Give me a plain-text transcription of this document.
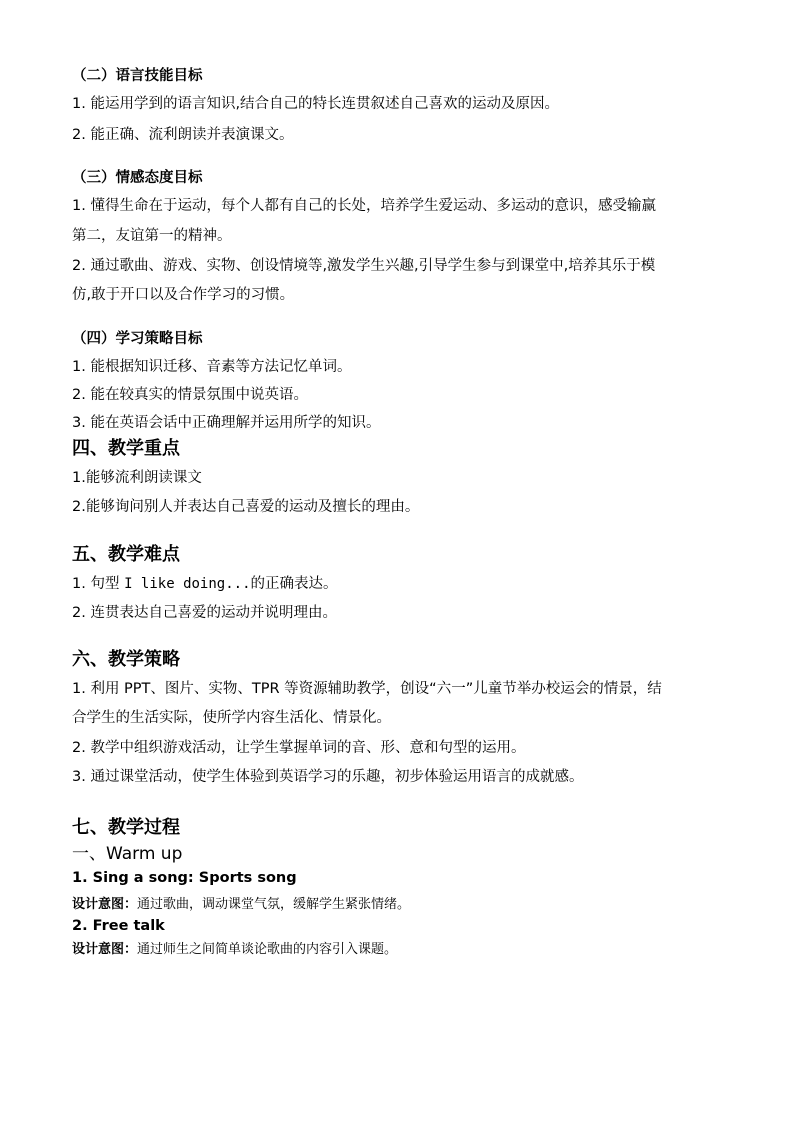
（二）语言技能目标
1. 能运用学到的语言知识,结合自己的特长连贯叙述自己喜欢的运动及原因。
2. 能正确、流利朗读并表演课文。
（三）情感态度目标
1. 懂得生命在于运动，每个人都有自己的长处，培养学生爱运动、多运动的意识，感受输赢
第二，友谊第一的精神。
2. 通过歌曲、游戏、实物、创设情境等,激发学生兴趣,引导学生参与到课堂中,培养其乐于模
仿,敢于开口以及合作学习的习惯。
（四）学习策略目标
1. 能根据知识迁移、音素等方法记忆单词。
2. 能在较真实的情景氛围中说英语。
3. 能在英语会话中正确理解并运用所学的知识。
四、教学重点
1.能够流利朗读课文
2.能够询问别人并表达自己喜爱的运动及擅长的理由。
五、教学难点
1. 句型 I like doing...的正确表达。
2. 连贯表达自己喜爱的运动并说明理由。
六、教学策略
1. 利用 PPT、图片、实物、TPR 等资源辅助教学，创设“六一”儿童节举办校运会的情景，结
合学生的生活实际，使所学内容生活化、情景化。
2. 教学中组织游戏活动，让学生掌握单词的音、形、意和句型的运用。
3. 通过课堂活动，使学生体验到英语学习的乐趣，初步体验运用语言的成就感。
七、教学过程
一、Warm up
1. Sing a song: Sports song
设计意图：通过歌曲，调动课堂气氛，缓解学生紧张情绪。
2. Free talk
设计意图：通过师生之间简单谈论歌曲的内容引入课题。
